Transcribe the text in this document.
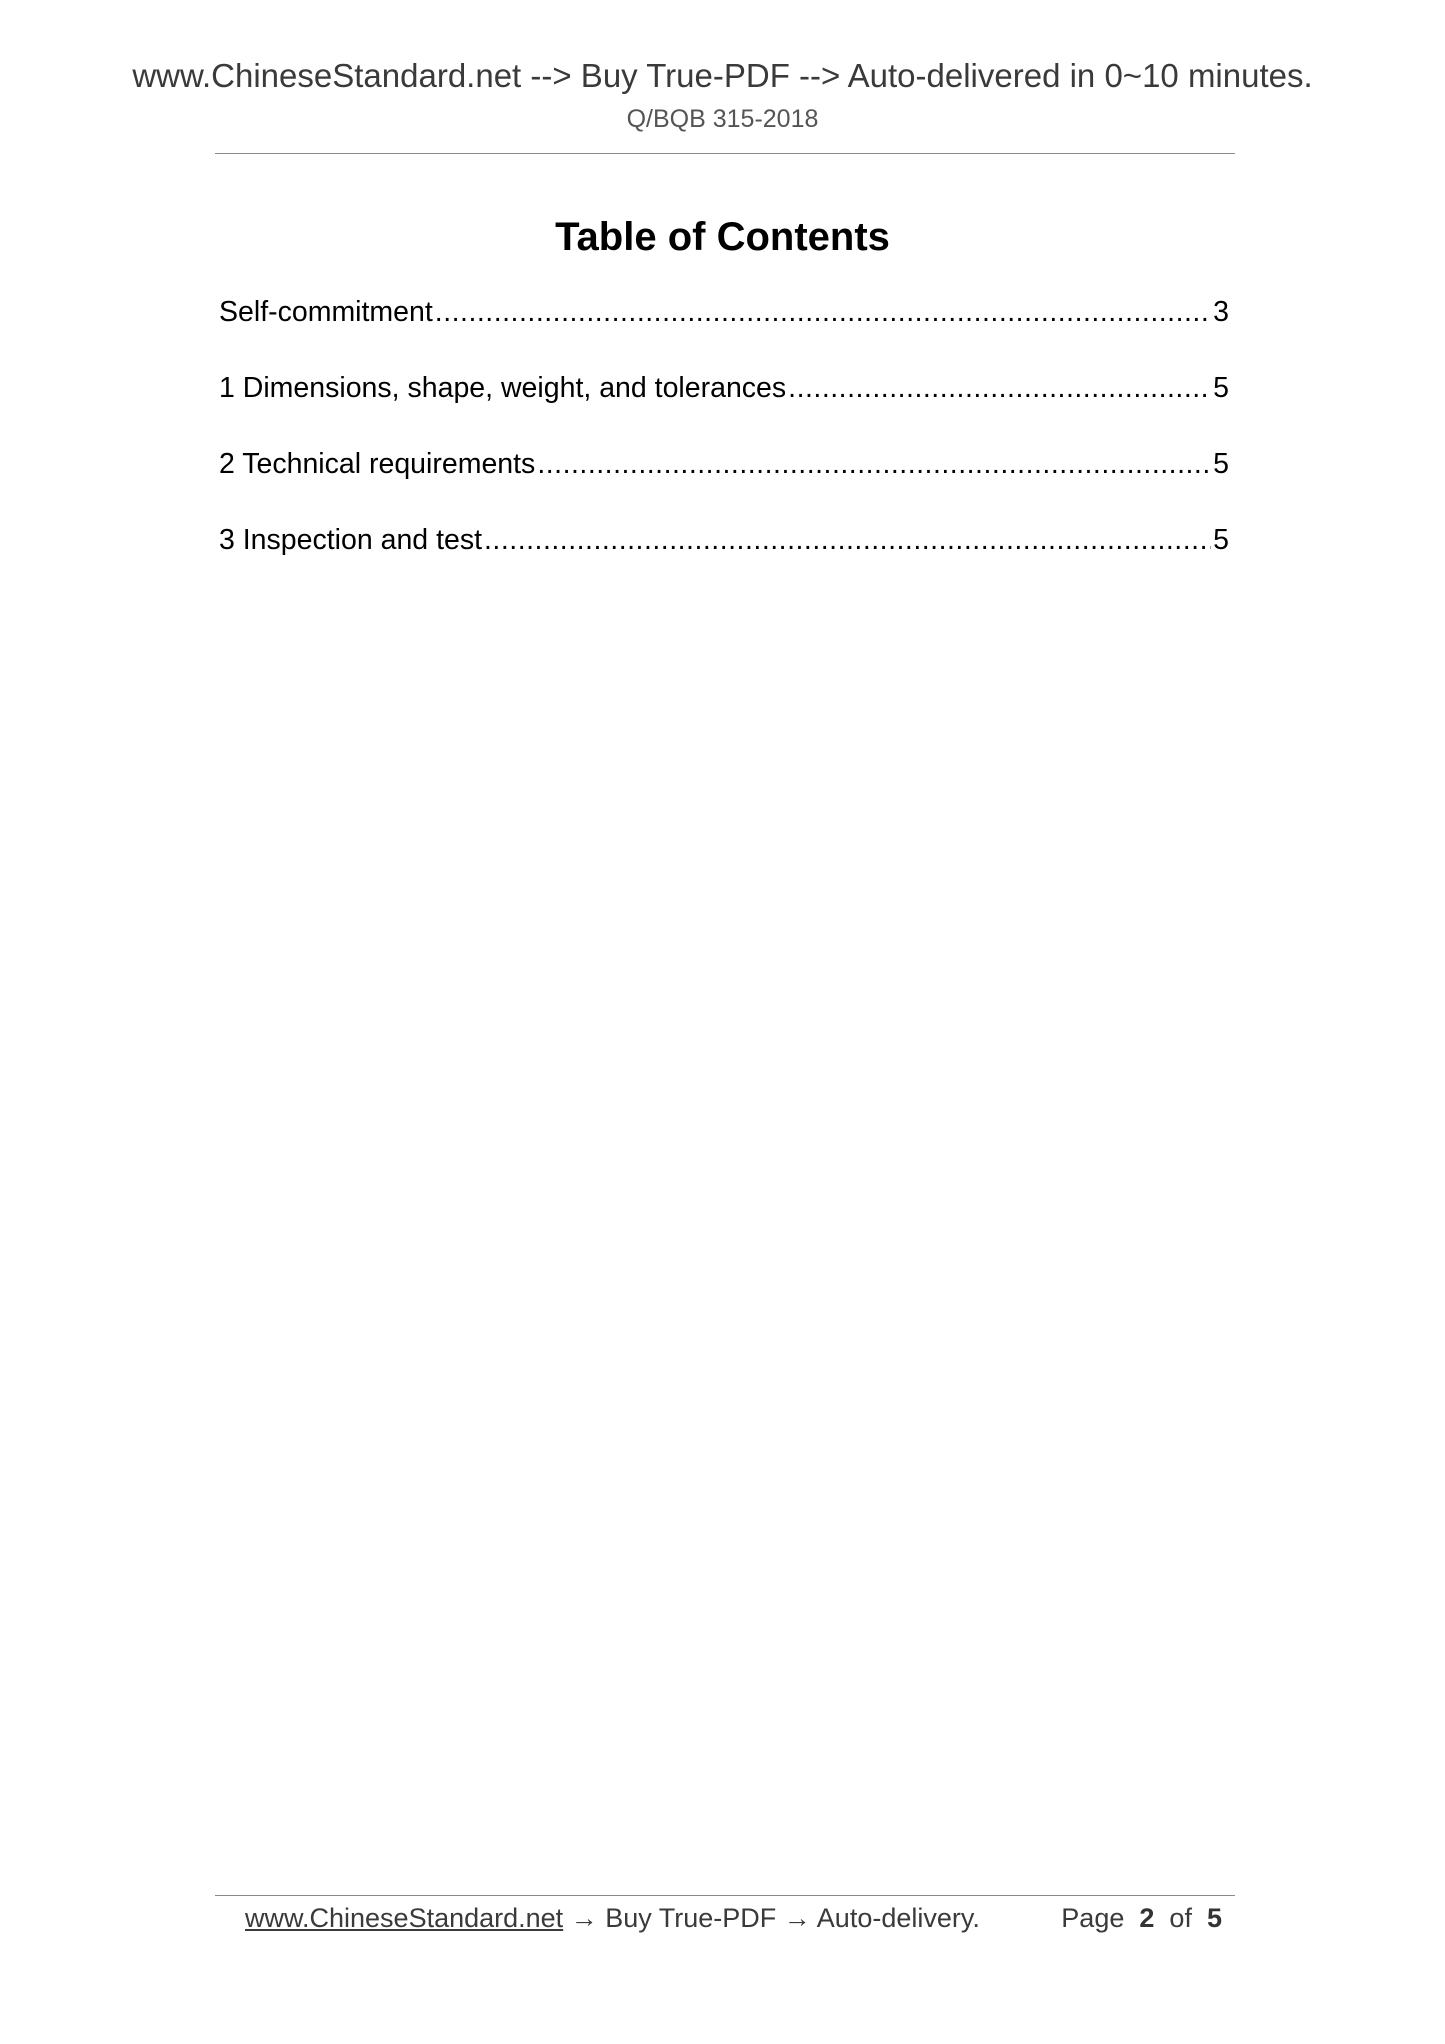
www.ChineseStandard.net --> Buy True-PDF --> Auto-delivered in 0~10 minutes.
Q/BQB 315-2018
Table of Contents
Self-commitment .....	3
1 Dimensions, shape, weight, and tolerances .....	5
2 Technical requirements .....	5
3 Inspection and test .....	5
www.ChineseStandard.net → Buy True-PDF → Auto-delivery.	Page 2 of 5
